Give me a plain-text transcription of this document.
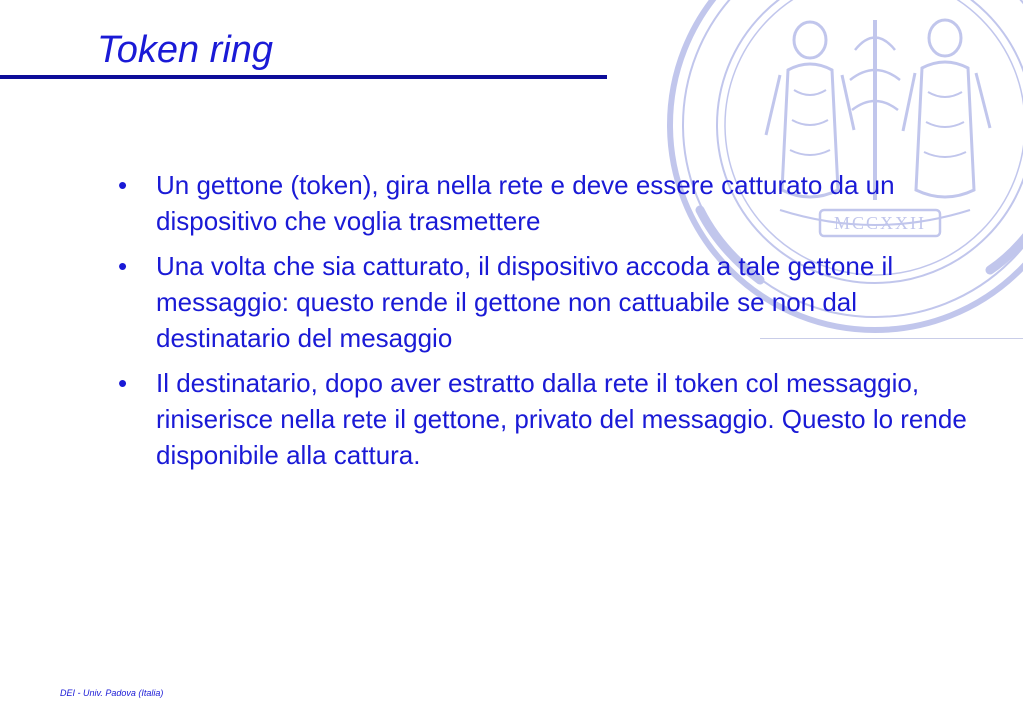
MCCXXII
Token ring
• Un gettone (token), gira nella rete e deve essere catturato da un dispositivo che voglia trasmettere
• Una volta che sia catturato, il dispositivo accoda a tale gettone il messaggio: questo rende il gettone non cattuabile se non dal destinatario del mesaggio
• Il destinatario, dopo aver estratto dalla rete il token col messaggio, riniserisce nella rete il gettone, privato del messaggio. Questo lo rende disponibile alla cattura.
DEI - Univ. Padova (Italia)
